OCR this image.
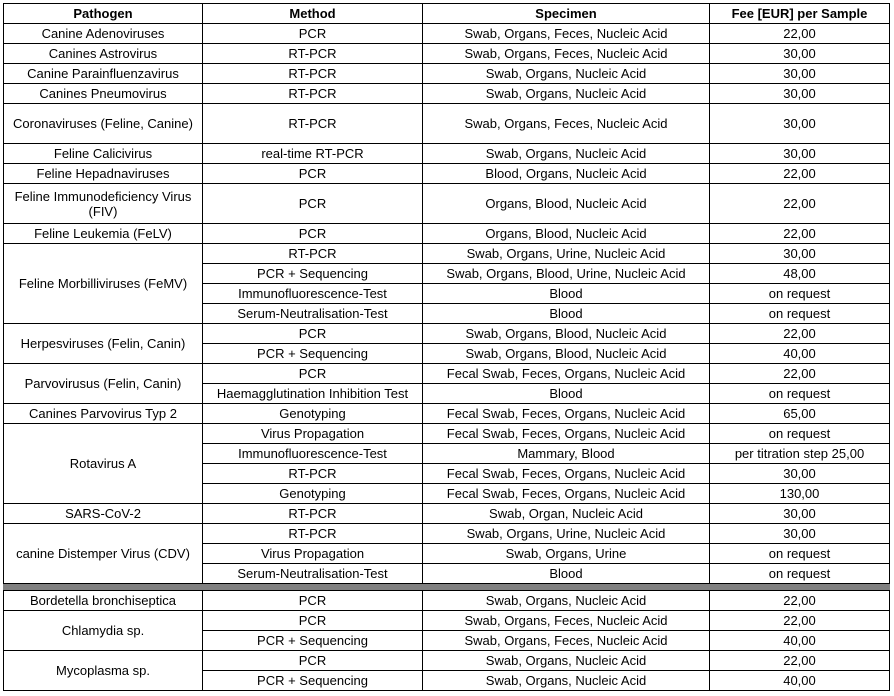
Pathogen	Method	Specimen	Fee [EUR] per Sample
Canine Adenoviruses	PCR	Swab, Organs, Feces, Nucleic Acid	22,00
Canines Astrovirus	RT-PCR	Swab, Organs, Feces, Nucleic Acid	30,00
Canine Parainfluenzavirus	RT-PCR	Swab, Organs, Nucleic Acid	30,00
Canines Pneumovirus	RT-PCR	Swab, Organs, Nucleic Acid	30,00
Coronaviruses (Feline, Canine)	RT-PCR	Swab, Organs, Feces, Nucleic Acid	30,00
Feline Calicivirus	real-time RT-PCR	Swab, Organs, Nucleic Acid	30,00
Feline Hepadnaviruses	PCR	Blood, Organs, Nucleic Acid	22,00
Feline Immunodeficiency Virus (FIV)	PCR	Organs, Blood, Nucleic Acid	22,00
Feline Leukemia (FeLV)	PCR	Organs, Blood, Nucleic Acid	22,00
Feline Morbilliviruses (FeMV)	RT-PCR	Swab, Organs, Urine, Nucleic Acid	30,00
	PCR + Sequencing	Swab, Organs, Blood, Urine, Nucleic Acid	48,00
	Immunofluorescence-Test	Blood	on request
	Serum-Neutralisation-Test	Blood	on request
Herpesviruses (Felin, Canin)	PCR	Swab, Organs, Blood, Nucleic Acid	22,00
	PCR + Sequencing	Swab, Organs, Blood, Nucleic Acid	40,00
Parvovirusus (Felin, Canin)	PCR	Fecal Swab, Feces, Organs, Nucleic Acid	22,00
	Haemagglutination Inhibition Test	Blood	on request
Canines Parvovirus Typ 2	Genotyping	Fecal Swab, Feces, Organs, Nucleic Acid	65,00
Rotavirus A	Virus Propagation	Fecal Swab, Feces, Organs, Nucleic Acid	on request
	Immunofluorescence-Test	Mammary, Blood	per titration step 25,00
	RT-PCR	Fecal Swab, Feces, Organs, Nucleic Acid	30,00
	Genotyping	Fecal Swab, Feces, Organs, Nucleic Acid	130,00
SARS-CoV-2	RT-PCR	Swab, Organ, Nucleic Acid	30,00
canine Distemper Virus (CDV)	RT-PCR	Swab, Organs, Urine, Nucleic Acid	30,00
	Virus Propagation	Swab, Organs, Urine	on request
	Serum-Neutralisation-Test	Blood	on request

Bordetella bronchiseptica	PCR	Swab, Organs, Nucleic Acid	22,00
Chlamydia sp.	PCR	Swab, Organs, Feces, Nucleic Acid	22,00
	PCR + Sequencing	Swab, Organs, Feces, Nucleic Acid	40,00
Mycoplasma sp.	PCR	Swab, Organs, Nucleic Acid	22,00
	PCR + Sequencing	Swab, Organs, Nucleic Acid	40,00
